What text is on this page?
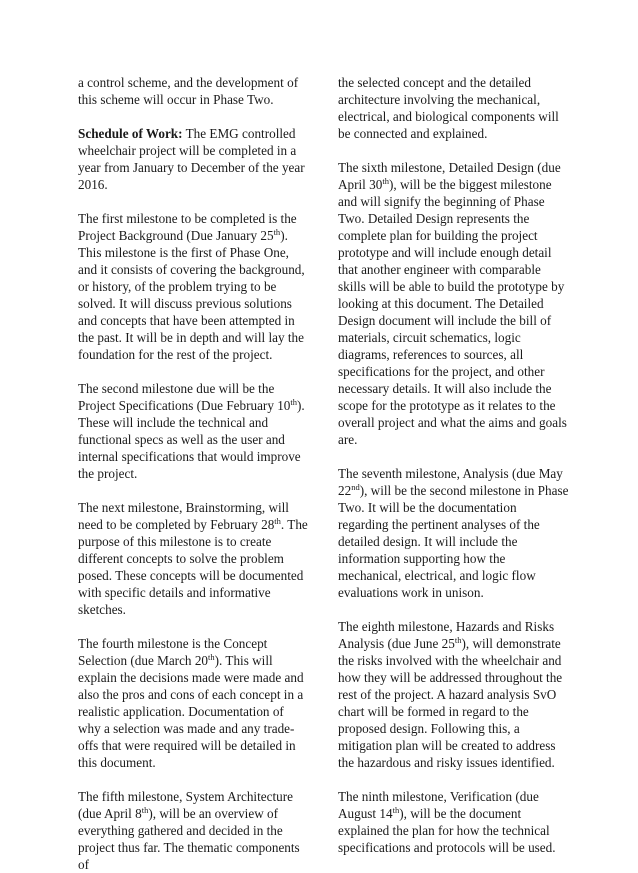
a control scheme, and the development of this scheme will occur in Phase Two.

Schedule of Work: The EMG controlled wheelchair project will be completed in a year from January to December of the year 2016.

The first milestone to be completed is the Project Background (Due January 25th). This milestone is the first of Phase One, and it consists of covering the background, or history, of the problem trying to be solved. It will discuss previous solutions and concepts that have been attempted in the past. It will be in depth and will lay the foundation for the rest of the project.

The second milestone due will be the Project Specifications (Due February 10th). These will include the technical and functional specs as well as the user and internal specifications that would improve the project.

The next milestone, Brainstorming, will need to be completed by February 28th. The purpose of this milestone is to create different concepts to solve the problem posed. These concepts will be documented with specific details and informative sketches.

The fourth milestone is the Concept Selection (due March 20th). This will explain the decisions made were made and also the pros and cons of each concept in a realistic application. Documentation of why a selection was made and any trade-offs that were required will be detailed in this document.

The fifth milestone, System Architecture (due April 8th), will be an overview of everything gathered and decided in the project thus far. The thematic components of

the selected concept and the detailed architecture involving the mechanical, electrical, and biological components will be connected and explained.

The sixth milestone, Detailed Design (due April 30th), will be the biggest milestone and will signify the beginning of Phase Two. Detailed Design represents the complete plan for building the project prototype and will include enough detail that another engineer with comparable skills will be able to build the prototype by looking at this document. The Detailed Design document will include the bill of materials, circuit schematics, logic diagrams, references to sources, all specifications for the project, and other necessary details. It will also include the scope for the prototype as it relates to the overall project and what the aims and goals are.

The seventh milestone, Analysis (due May 22nd), will be the second milestone in Phase Two. It will be the documentation regarding the pertinent analyses of the detailed design. It will include the information supporting how the mechanical, electrical, and logic flow evaluations work in unison.

The eighth milestone, Hazards and Risks Analysis (due June 25th), will demonstrate the risks involved with the wheelchair and how they will be addressed throughout the rest of the project. A hazard analysis SvO chart will be formed in regard to the proposed design. Following this, a mitigation plan will be created to address the hazardous and risky issues identified.

The ninth milestone, Verification (due August 14th), will be the document explained the plan for how the technical specifications and protocols will be used.
